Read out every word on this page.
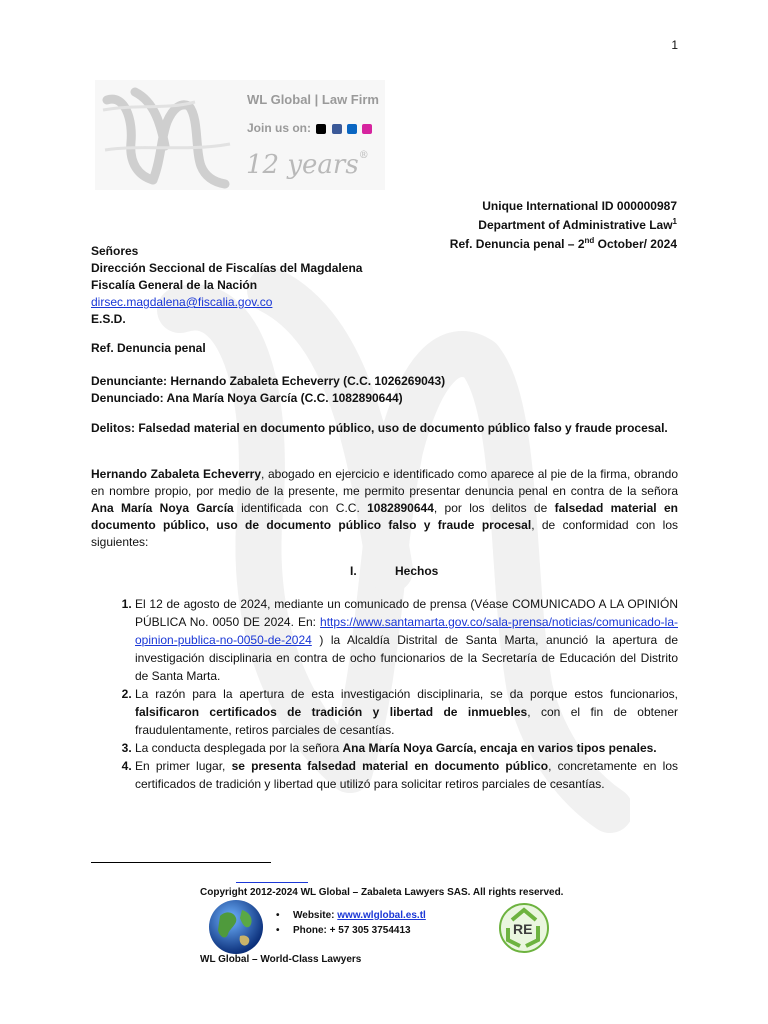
1
WL Global | Law Firm
Join us on:
12 years®
Unique International ID 000000987
Department of Administrative Law$^1$
Ref. Denuncia penal – 2nd October/ 2024
Señores
Dirección Seccional de Fiscalías del Magdalena
Fiscalía General de la Nación
dirsec.magdalena@fiscalia.gov.co
E.S.D.
Ref. Denuncia penal
Denunciante: Hernando Zabaleta Echeverry (C.C. 1026269043)
Denunciado: Ana María Noya García (C.C. 1082890644)
Delitos: Falsedad material en documento público, uso de documento público falso y fraude procesal.
Hernando Zabaleta Echeverry, abogado en ejercicio e identificado como aparece al pie de la firma, obrando en nombre propio, por medio de la presente, me permito presentar denuncia penal en contra de la señora Ana María Noya García identificada con C.C. 1082890644, por los delitos de falsedad material en documento público, uso de documento público falso y fraude procesal, de conformidad con los siguientes:
I.	Hechos
1. El 12 de agosto de 2024, mediante un comunicado de prensa (Véase COMUNICADO A LA OPINIÓN PÚBLICA No. 0050 DE 2024. En: https://www.santamarta.gov.co/sala-prensa/noticias/comunicado-la-opinion-publica-no-0050-de-2024 ) la Alcaldía Distrital de Santa Marta, anunció la apertura de investigación disciplinaria en contra de ocho funcionarios de la Secretaría de Educación del Distrito de Santa Marta.
2. La razón para la apertura de esta investigación disciplinaria, se da porque estos funcionarios, falsificaron certificados de tradición y libertad de inmuebles, con el fin de obtener fraudulentamente, retiros parciales de cesantías.
3. La conducta desplegada por la señora Ana María Noya García, encaja en varios tipos penales.
4. En primer lugar, se presenta falsedad material en documento público, concretamente en los certificados de tradición y libertad que utilizó para solicitar retiros parciales de cesantías.
Copyright 2012-2024 WL Global – Zabaleta Lawyers SAS. All rights reserved.
• Website: www.wlglobal.es.tl
• Phone: + 57 305 3754413	RE
WL Global – World-Class Lawyers
